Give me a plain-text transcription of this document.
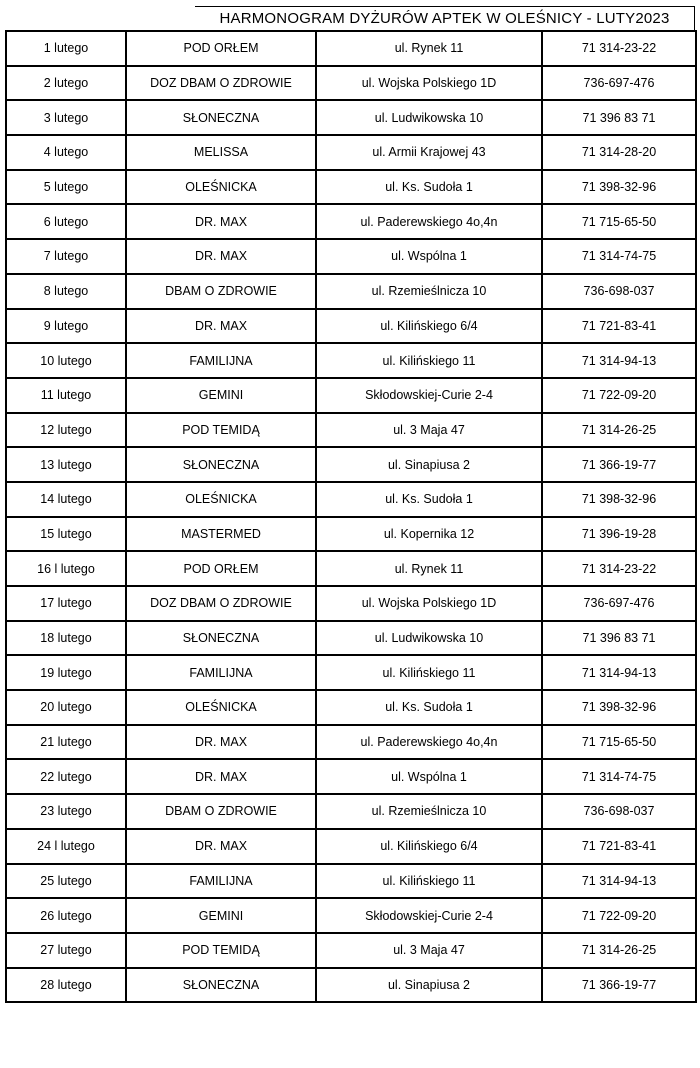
HARMONOGRAM DYŻURÓW APTEK W OLEŚNICY - LUTY2023
1 lutego	POD ORŁEM	ul. Rynek 11	71 314-23-22
2 lutego	DOZ DBAM O ZDROWIE	ul. Wojska Polskiego 1D	736-697-476
3 lutego	SŁONECZNA	ul. Ludwikowska 10	71 396 83 71
4 lutego	MELISSA	ul. Armii Krajowej 43	71 314-28-20
5 lutego	OLEŚNICKA	ul. Ks. Sudoła 1	71 398-32-96
6 lutego	DR. MAX	ul. Paderewskiego 4o,4n	71 715-65-50
7 lutego	DR. MAX	ul. Wspólna 1	71 314-74-75
8 lutego	DBAM O ZDROWIE	ul. Rzemieślnicza 10	736-698-037
9 lutego	DR. MAX	ul. Kilińskiego 6/4	71 721-83-41
10 lutego	FAMILIJNA	ul. Kilińskiego 11	71 314-94-13
11 lutego	GEMINI	Skłodowskiej-Curie 2-4	71 722-09-20
12 lutego	POD TEMIDĄ	ul. 3 Maja 47	71 314-26-25
13 lutego	SŁONECZNA	ul. Sinapiusa 2	71 366-19-77
14 lutego	OLEŚNICKA	ul. Ks. Sudoła 1	71 398-32-96
15 lutego	MASTERMED	ul. Kopernika 12	71 396-19-28
16 l lutego	POD ORŁEM	ul. Rynek 11	71 314-23-22
17 lutego	DOZ DBAM O ZDROWIE	ul. Wojska Polskiego 1D	736-697-476
18 lutego	SŁONECZNA	ul. Ludwikowska 10	71 396 83 71
19 lutego	FAMILIJNA	ul. Kilińskiego 11	71 314-94-13
20 lutego	OLEŚNICKA	ul. Ks. Sudoła 1	71 398-32-96
21 lutego	DR. MAX	ul. Paderewskiego 4o,4n	71 715-65-50
22 lutego	DR. MAX	ul. Wspólna 1	71 314-74-75
23 lutego	DBAM O ZDROWIE	ul. Rzemieślnicza 10	736-698-037
24 l lutego	DR. MAX	ul. Kilińskiego 6/4	71 721-83-41
25 lutego	FAMILIJNA	ul. Kilińskiego 11	71 314-94-13
26 lutego	GEMINI	Skłodowskiej-Curie 2-4	71 722-09-20
27 lutego	POD TEMIDĄ	ul. 3 Maja 47	71 314-26-25
28 lutego	SŁONECZNA	ul. Sinapiusa 2	71 366-19-77
